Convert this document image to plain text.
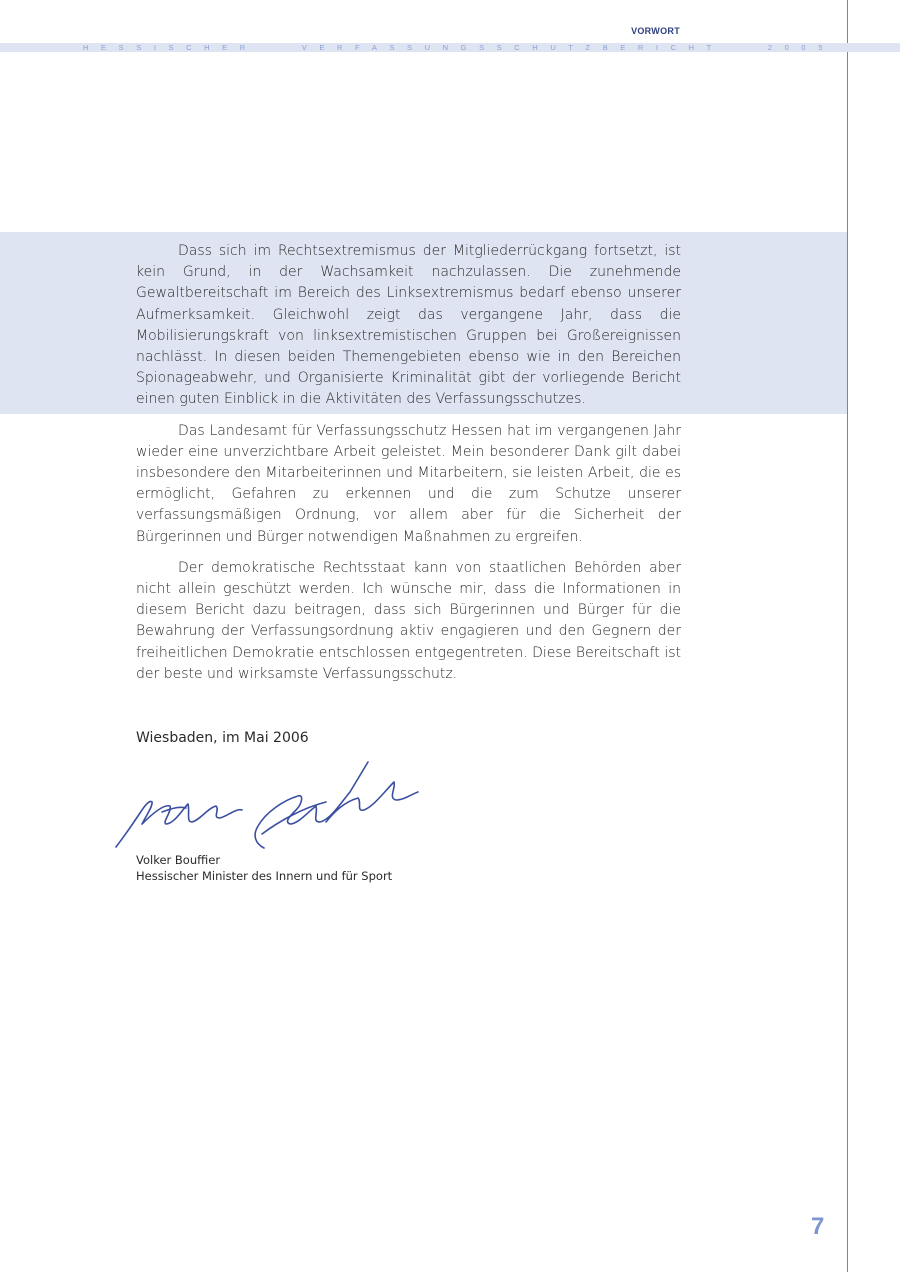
VORWORT
HESSISCHER	VERFASSUNGSSCHUTZBERICHT	2005

Dass sich im Rechtsextremismus der Mitgliederrückgang fortsetzt, ist kein Grund, in der Wachsamkeit nachzulassen. Die zunehmende Gewaltbereitschaft im Bereich des Linksextremismus bedarf ebenso unserer Aufmerksamkeit. Gleichwohl zeigt das vergangene Jahr, dass die Mobilisierungskraft von linksextremistischen Gruppen bei Großereignissen nachlässt. In diesen beiden Themengebieten ebenso wie in den Bereichen Spionageabwehr, und Organisierte Kriminalität gibt der vorliegende Bericht einen guten Einblick in die Aktivitäten des Verfassungsschutzes.

Das Landesamt für Verfassungsschutz Hessen hat im vergangenen Jahr wieder eine unverzichtbare Arbeit geleistet. Mein besonderer Dank gilt dabei insbesondere den Mitarbeiterinnen und Mitarbeitern, sie leisten Arbeit, die es ermöglicht, Gefahren zu erkennen und die zum Schutze unserer verfassungsmäßigen Ordnung, vor allem aber für die Sicherheit der Bürgerinnen und Bürger notwendigen Maßnahmen zu ergreifen.

Der demokratische Rechtsstaat kann von staatlichen Behörden aber nicht allein geschützt werden. Ich wünsche mir, dass die Informationen in diesem Bericht dazu beitragen, dass sich Bürgerinnen und Bürger für die Bewahrung der Verfassungsordnung aktiv engagieren und den Gegnern der freiheitlichen Demokratie entschlossen entgegentreten. Diese Bereitschaft ist der beste und wirksamste Verfassungsschutz.

Wiesbaden, im Mai 2006
Volker Bouffier
Hessischer Minister des Innern und für Sport
7
